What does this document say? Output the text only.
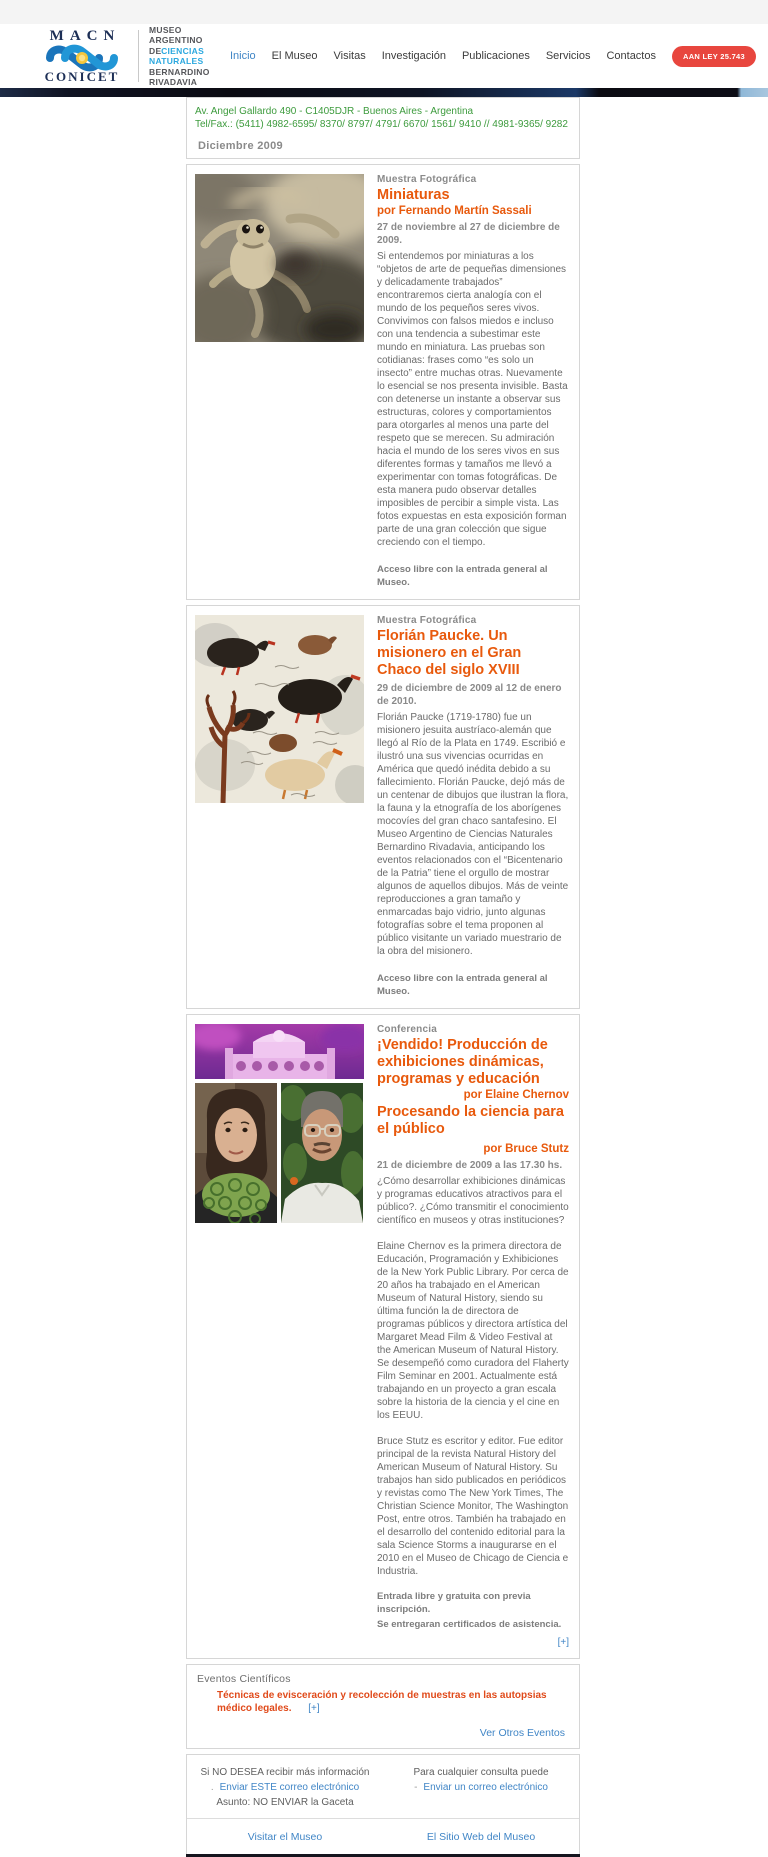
MACN
CONICET
MUSEO
ARGENTINO
DE CIENCIAS
NATURALES
BERNARDINO
RIVADAVIA
Inicio El Museo Visitas Investigación Publicaciones Servicios Contactos	AAN LEY 25.743
Av. Angel Gallardo 490 - C1405DJR - Buenos Aires - Argentina
Tel/Fax.: (5411) 4982-6595/ 8370/ 8797/ 4791/ 6670/ 1561/ 9410 // 4981-9365/ 9282
Diciembre 2009
Muestra Fotográfica
Miniaturas
por Fernando Martín Sassali
27 de noviembre al 27 de diciembre de 2009.
Si entendemos por miniaturas a los “objetos de arte de pequeñas dimensiones y delicadamente trabajados” encontraremos cierta analogía con el mundo de los pequeños seres vivos. Convivimos con falsos miedos e incluso con una tendencia a subestimar este mundo en miniatura. Las pruebas son cotidianas: frases como “es solo un insecto” entre muchas otras. Nuevamente lo esencial se nos presenta invisible. Basta con detenerse un instante a observar sus estructuras, colores y comportamientos para otorgarles al menos una parte del respeto que se merecen. Su admiración hacia el mundo de los seres vivos en sus diferentes formas y tamaños me llevó a experimentar con tomas fotográficas. De esta manera pudo observar detalles imposibles de percibir a simple vista. Las fotos expuestas en esta exposición forman parte de una gran colección que sigue creciendo con el tiempo.
Acceso libre con la entrada general al Museo.
Muestra Fotográfica
Florián Paucke. Un misionero en el Gran Chaco del siglo XVIII
29 de diciembre de 2009 al 12 de enero de 2010.
Florián Paucke (1719-1780) fue un misionero jesuita austríaco-alemán que llegó al Río de la Plata en 1749. Escribió e ilustró una sus vivencias ocurridas en América que quedó inédita debido a su fallecimiento. Florián Paucke, dejó más de un centenar de dibujos que ilustran la flora, la fauna y la etnografía de los aborígenes mocovíes del gran chaco santafesino. El Museo Argentino de Ciencias Naturales Bernardino Rivadavia, anticipando los eventos relacionados con el “Bicentenario de la Patria” tiene el orgullo de mostrar algunos de aquellos dibujos. Más de veinte reproducciones a gran tamaño y enmarcadas bajo vidrio, junto algunas fotografías sobre el tema proponen al público visitante un variado muestrario de la obra del misionero.
Acceso libre con la entrada general al Museo.
Conferencia
¡Vendido! Producción de exhibiciones dinámicas, programas y educación
por Elaine Chernov
Procesando la ciencia para el público
por Bruce Stutz
21 de diciembre de 2009 a las 17.30 hs.
¿Cómo desarrollar exhibiciones dinámicas y programas educativos atractivos para el público?. ¿Cómo transmitir el conocimiento científico en museos y otras instituciones?
Elaine Chernov es la primera directora de Educación, Programación y Exhibiciones de la New York Public Library. Por cerca de 20 años ha trabajado en el American Museum of Natural History, siendo su última función la de directora de programas públicos y directora artística del Margaret Mead Film & Video Festival at the American Museum of Natural History. Se desempeñó como curadora del Flaherty Film Seminar en 2001. Actualmente está trabajando en un proyecto a gran escala sobre la historia de la ciencia y el cine en los EEUU.
Bruce Stutz es escritor y editor. Fue editor principal de la revista Natural History del American Museum of Natural History. Su trabajos han sido publicados en periódicos y revistas como The New York Times, The Christian Science Monitor, The Washington Post, entre otros. También ha trabajado en el desarrollo del contenido editorial para la sala Science Storms a inaugurarse en el 2010 en el Museo de Chicago de Ciencia e Industria.
Entrada libre y gratuita con previa inscripción.
Se entregaran certificados de asistencia.
[+]
Eventos Científicos
Técnicas de evisceración y recolección de muestras en las autopsias médico legales. [+]
Ver Otros Eventos
Si NO DESEA recibir más información
. Enviar ESTE correo electrónico
Asunto: NO ENVIAR la Gaceta
Para cualquier consulta puede
- Enviar un correo electrónico
Visitar el Museo	El Sitio Web del Museo
